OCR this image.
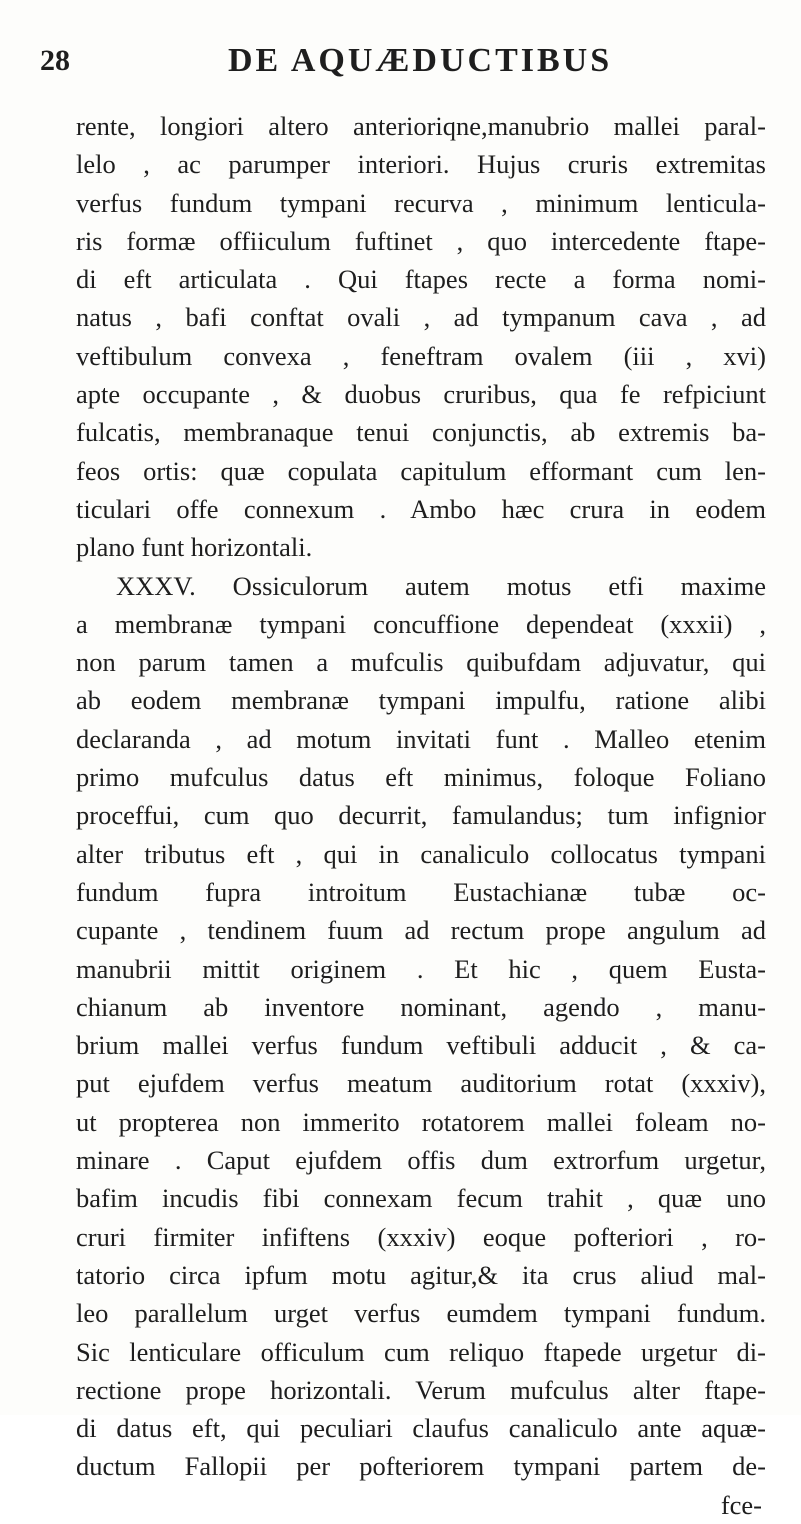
28	DE AQUÆDUCTIBUS
rente, longiori altero anterioriqne,manubrio mallei paral-
lelo , ac parumper interiori. Hujus cruris extremitas
verfus fundum tympani recurva , minimum lenticula-
ris formæ offiiculum fuftinet , quo intercedente ftape-
di eft articulata . Qui ftapes recte a forma nomi-
natus , bafi conftat ovali , ad tympanum cava , ad
veftibulum convexa , feneftram ovalem (iii , xvi)
apte occupante , & duobus cruribus, qua fe refpiciunt
fulcatis, membranaque tenui conjunctis, ab extremis ba-
feos ortis: quæ copulata capitulum efformant cum len-
ticulari offe connexum . Ambo hæc crura in eodem
plano funt horizontali.
XXXV. Ossiculorum autem motus etfi maxime
a membranæ tympani concuffione dependeat (xxxii) ,
non parum tamen a mufculis quibufdam adjuvatur, qui
ab eodem membranæ tympani impulfu, ratione alibi
declaranda , ad motum invitati funt . Malleo etenim
primo mufculus datus eft minimus, foloque Foliano
proceffui, cum quo decurrit, famulandus; tum infignior
alter tributus eft , qui in canaliculo collocatus tympani
fundum fupra introitum Eustachianæ tubæ oc-
cupante , tendinem fuum ad rectum prope angulum ad
manubrii mittit originem . Et hic , quem Eusta-
chianum ab inventore nominant, agendo , manu-
brium mallei verfus fundum veftibuli adducit , & ca-
put ejufdem verfus meatum auditorium rotat (xxxiv),
ut propterea non immerito rotatorem mallei foleam no-
minare . Caput ejufdem offis dum extrorfum urgetur,
bafim incudis fibi connexam fecum trahit , quæ uno
cruri firmiter infiftens (xxxiv) eoque pofteriori , ro-
tatorio circa ipfum motu agitur,& ita crus aliud mal-
leo parallelum urget verfus eumdem tympani fundum.
Sic lenticulare officulum cum reliquo ftapede urgetur di-
rectione prope horizontali. Verum mufculus alter ftape-
di datus eft, qui peculiari claufus canaliculo ante aquæ-
ductum Fallopii per pofteriorem tympani partem de-
fce-
